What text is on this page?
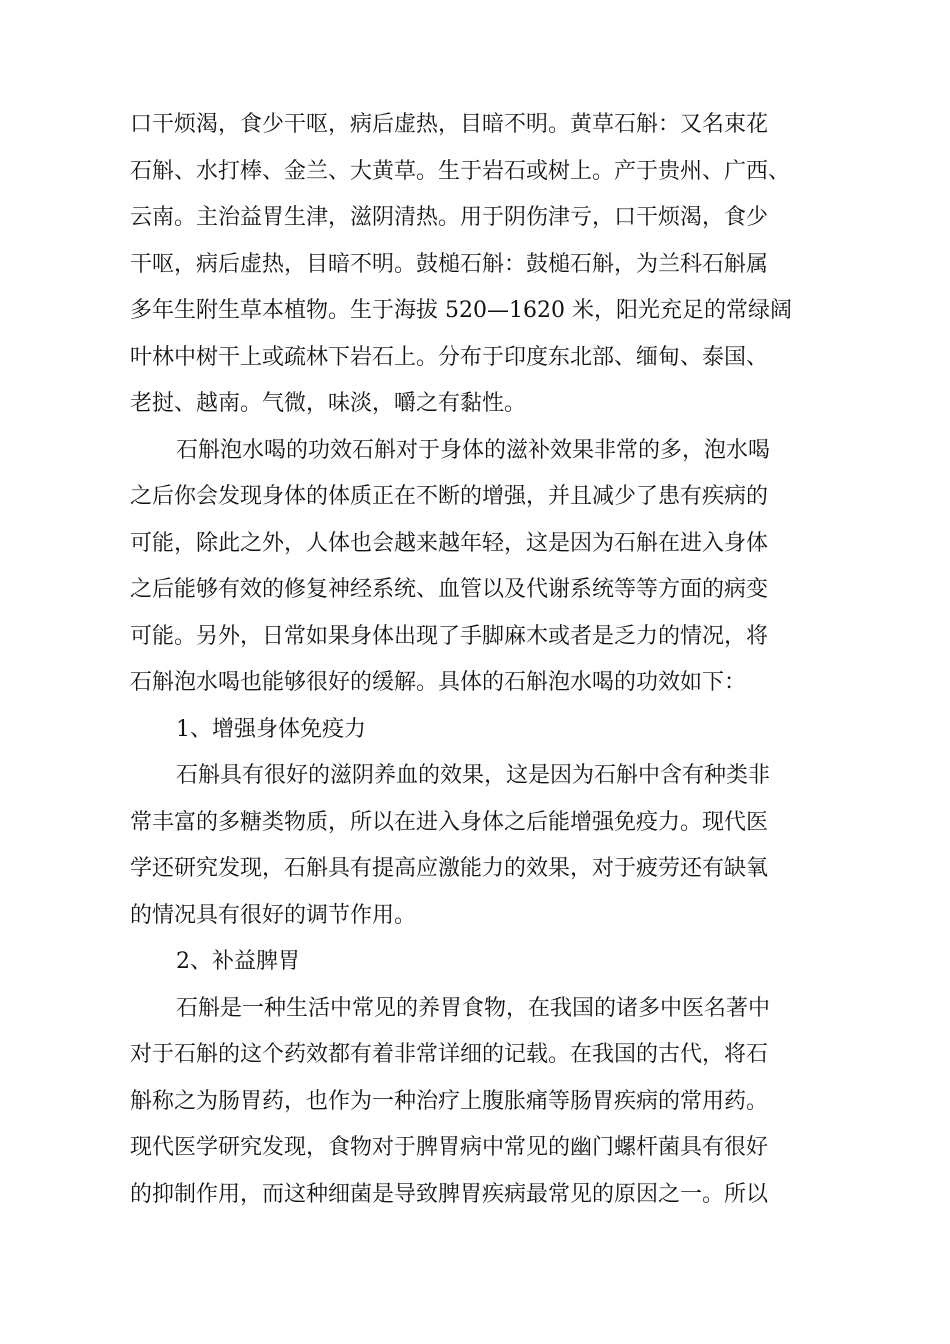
口干烦渴，食少干呕，病后虚热，目暗不明。黄草石斛：又名束花
石斛、水打棒、金兰、大黄草。生于岩石或树上。产于贵州、广西、
云南。主治益胃生津，滋阴清热。用于阴伤津亏，口干烦渴，食少
干呕，病后虚热，目暗不明。鼓槌石斛：鼓槌石斛，为兰科石斛属
多年生附生草本植物。生于海拔 520—1620 米，阳光充足的常绿阔
叶林中树干上或疏林下岩石上。分布于印度东北部、缅甸、泰国、
老挝、越南。气微，味淡，嚼之有黏性。
石斛泡水喝的功效石斛对于身体的滋补效果非常的多，泡水喝
之后你会发现身体的体质正在不断的增强，并且减少了患有疾病的
可能，除此之外，人体也会越来越年轻，这是因为石斛在进入身体
之后能够有效的修复神经系统、血管以及代谢系统等等方面的病变
可能。另外，日常如果身体出现了手脚麻木或者是乏力的情况，将
石斛泡水喝也能够很好的缓解。具体的石斛泡水喝的功效如下：
1、增强身体免疫力
石斛具有很好的滋阴养血的效果，这是因为石斛中含有种类非
常丰富的多糖类物质，所以在进入身体之后能增强免疫力。现代医
学还研究发现，石斛具有提高应激能力的效果，对于疲劳还有缺氧
的情况具有很好的调节作用。
2、补益脾胃
石斛是一种生活中常见的养胃食物，在我国的诸多中医名著中
对于石斛的这个药效都有着非常详细的记载。在我国的古代，将石
斛称之为肠胃药，也作为一种治疗上腹胀痛等肠胃疾病的常用药。
现代医学研究发现，食物对于脾胃病中常见的幽门螺杆菌具有很好
的抑制作用，而这种细菌是导致脾胃疾病最常见的原因之一。所以
